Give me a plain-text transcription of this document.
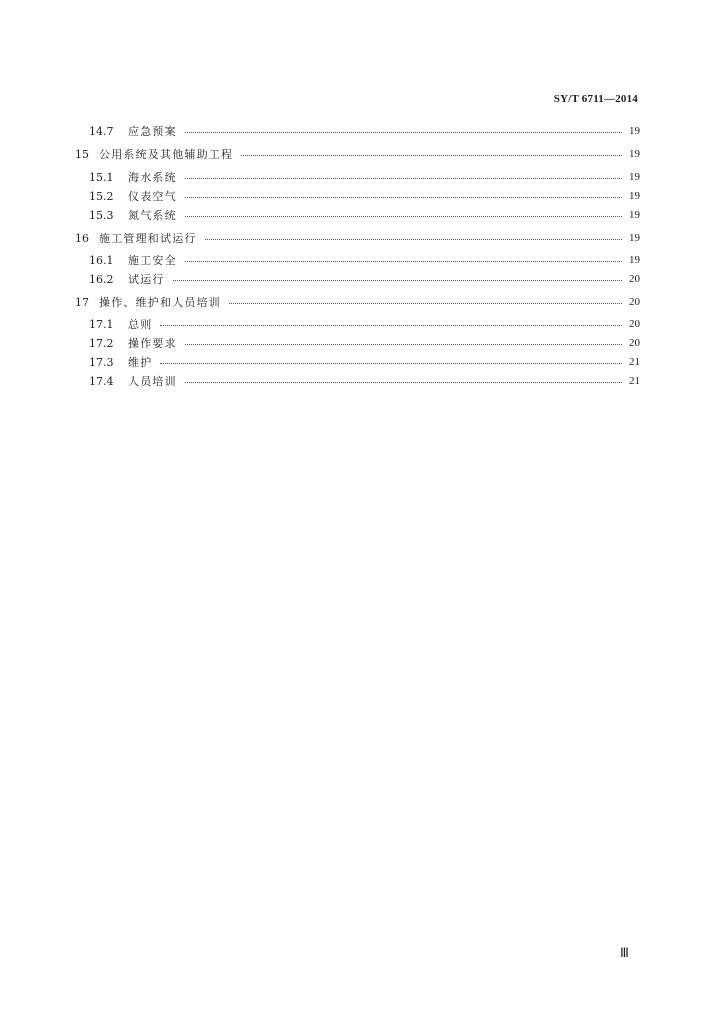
SY/T 6711—2014
14.7 应急预案	19
15 公用系统及其他辅助工程	19
15.1 海水系统	19
15.2 仪表空气	19
15.3 氮气系统	19
16 施工管理和试运行	19
16.1 施工安全	19
16.2 试运行	20
17 操作、维护和人员培训	20
17.1 总则	20
17.2 操作要求	20
17.3 维护	21
17.4 人员培训	21
Ⅲ
